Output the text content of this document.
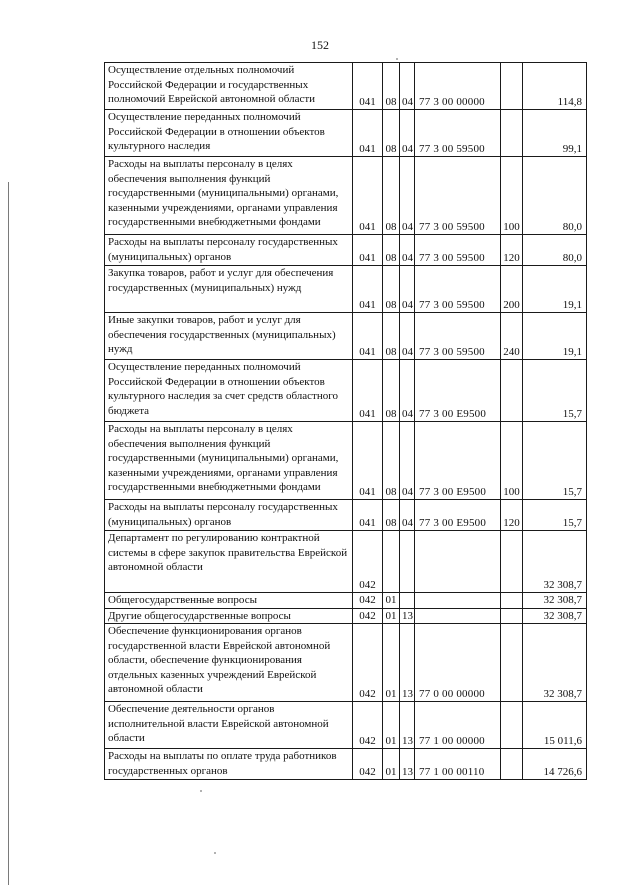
152
Осуществление отдельных полномочий Российской Федерации и государственных полномочий Еврейской автономной области	041	08	04	77 3 00 00000		114,8
Осуществление переданных полномочий Российской Федерации в отношении объектов культурного наследия	041	08	04	77 3 00 59500		99,1
Расходы на выплаты персоналу в целях обеспечения выполнения функций государственными (муниципальными) органами, казенными учреждениями, органами управления государственными внебюджетными фондами	041	08	04	77 3 00 59500	100	80,0
Расходы на выплаты персоналу государственных (муниципальных) органов	041	08	04	77 3 00 59500	120	80,0
Закупка товаров, работ и услуг для обеспечения государственных (муниципальных) нужд	041	08	04	77 3 00 59500	200	19,1
Иные закупки товаров, работ и услуг для обеспечения государственных (муниципальных) нужд	041	08	04	77 3 00 59500	240	19,1
Осуществление переданных полномочий Российской Федерации в отношении объектов культурного наследия за счет средств областного бюджета	041	08	04	77 3 00 E9500		15,7
Расходы на выплаты персоналу в целях обеспечения выполнения функций государственными (муниципальными) органами, казенными учреждениями, органами управления государственными внебюджетными фондами	041	08	04	77 3 00 E9500	100	15,7
Расходы на выплаты персоналу государственных (муниципальных) органов	041	08	04	77 3 00 E9500	120	15,7
Департамент по регулированию контрактной системы в сфере закупок правительства Еврейской автономной области	042					32 308,7
Общегосударственные вопросы	042	01				32 308,7
Другие общегосударственные вопросы	042	01	13			32 308,7
Обеспечение функционирования органов государственной власти Еврейской автономной области, обеспечение функционирования отдельных казенных учреждений Еврейской автономной области	042	01	13	77 0 00 00000		32 308,7
Обеспечение деятельности органов исполнительной власти Еврейской автономной области	042	01	13	77 1 00 00000		15 011,6
Расходы на выплаты по оплате труда работников государственных органов	042	01	13	77 1 00 00110		14 726,6
